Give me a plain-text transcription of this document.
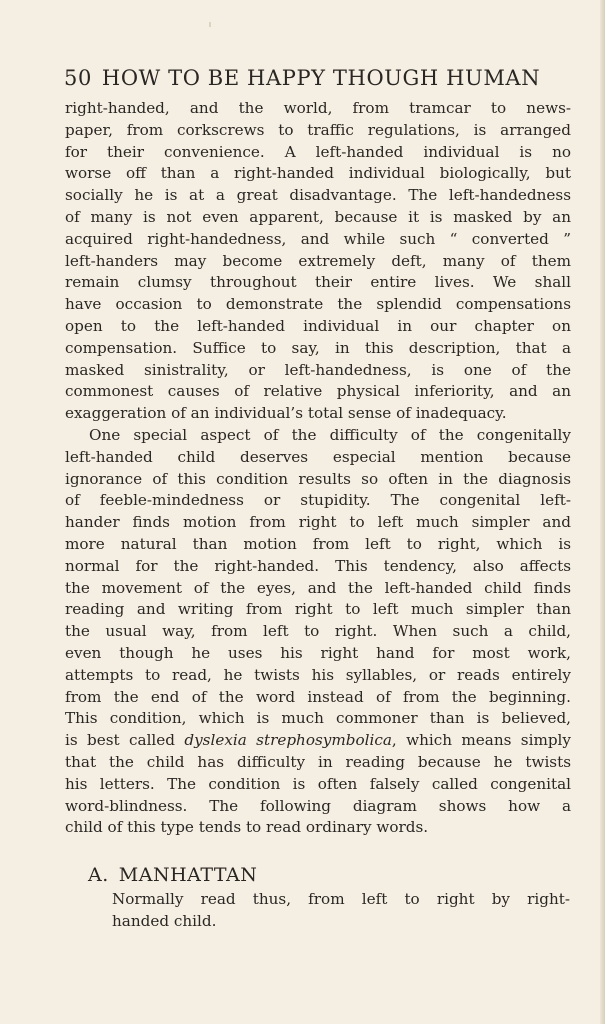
50 HOW TO BE HAPPY THOUGH HUMAN
right-handed, and the world, from tramcar to news-
paper, from corkscrews to traffic regulations, is arranged
for their convenience. A left-handed individual is no
worse off than a right-handed individual biologically, but
socially he is at a great disadvantage. The left-handedness
of many is not even apparent, because it is masked by an
acquired right-handedness, and while such “ converted ”
left-handers may become extremely deft, many of them
remain clumsy throughout their entire lives. We shall
have occasion to demonstrate the splendid compensations
open to the left-handed individual in our chapter on
compensation. Suffice to say, in this description, that a
masked sinistrality, or left-handedness, is one of the
commonest causes of relative physical inferiority, and an
exaggeration of an individual’s total sense of inadequacy.
One special aspect of the difficulty of the congenitally
left-handed child deserves especial mention because
ignorance of this condition results so often in the diagnosis
of feeble-mindedness or stupidity. The congenital left-
hander finds motion from right to left much simpler and
more natural than motion from left to right, which is
normal for the right-handed. This tendency, also affects
the movement of the eyes, and the left-handed child finds
reading and writing from right to left much simpler than
the usual way, from left to right. When such a child,
even though he uses his right hand for most work,
attempts to read, he twists his syllables, or reads entirely
from the end of the word instead of from the beginning.
This condition, which is much commoner than is believed,
is best called dyslexia strephosymbolica, which means simply
that the child has difficulty in reading because he twists
his letters. The condition is often falsely called congenital
word-blindness. The following diagram shows how a
child of this type tends to read ordinary words.
A. MANHATTAN
Normally read thus, from left to right by right-
handed child.
